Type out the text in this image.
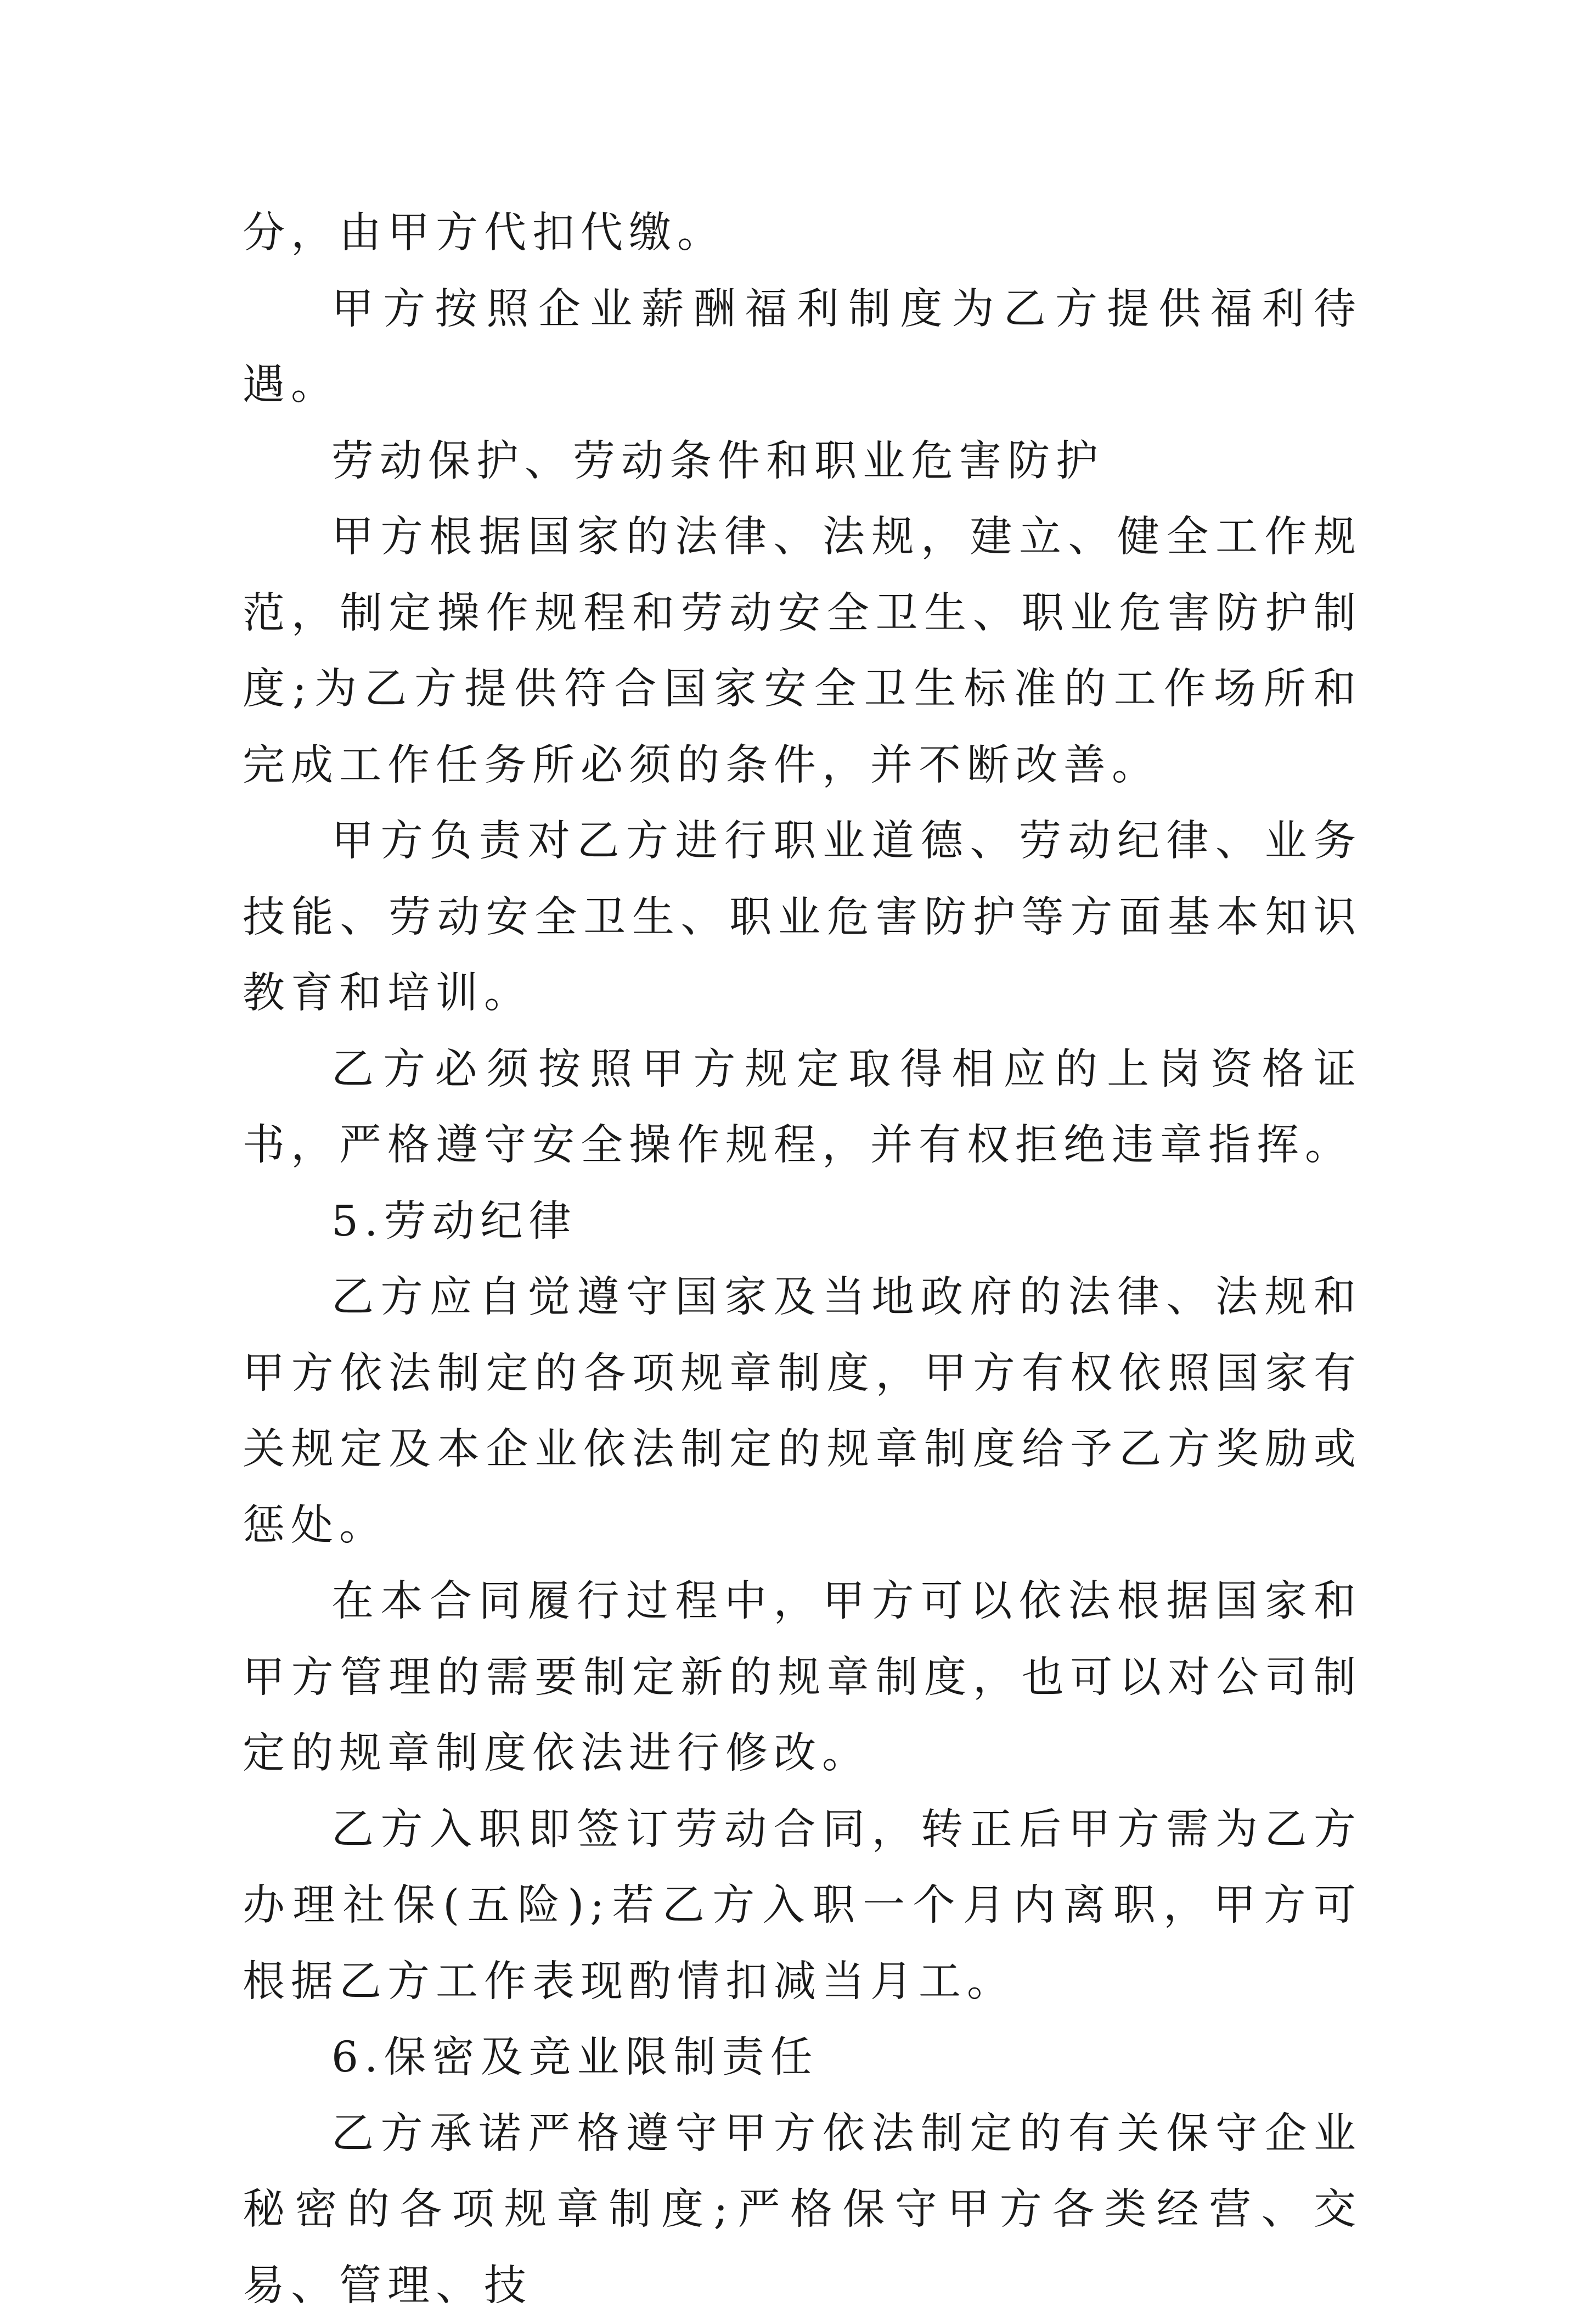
分，由甲方代扣代缴。

甲方按照企业薪酬福利制度为乙方提供福利待遇。

劳动保护、劳动条件和职业危害防护

甲方根据国家的法律、法规，建立、健全工作规范，制定操作规程和劳动安全卫生、职业危害防护制度;为乙方提供符合国家安全卫生标准的工作场所和完成工作任务所必须的条件，并不断改善。

甲方负责对乙方进行职业道德、劳动纪律、业务技能、劳动安全卫生、职业危害防护等方面基本知识教育和培训。

乙方必须按照甲方规定取得相应的上岗资格证书，严格遵守安全操作规程，并有权拒绝违章指挥。

5.劳动纪律

乙方应自觉遵守国家及当地政府的法律、法规和甲方依法制定的各项规章制度，甲方有权依照国家有关规定及本企业依法制定的规章制度给予乙方奖励或惩处。

在本合同履行过程中，甲方可以依法根据国家和甲方管理的需要制定新的规章制度，也可以对公司制定的规章制度依法进行修改。

乙方入职即签订劳动合同，转正后甲方需为乙方办理社保(五险);若乙方入职一个月内离职，甲方可根据乙方工作表现酌情扣减当月工。

6.保密及竞业限制责任

乙方承诺严格遵守甲方依法制定的有关保守企业秘密的各项规章制度;严格保守甲方各类经营、交易、管理、技
